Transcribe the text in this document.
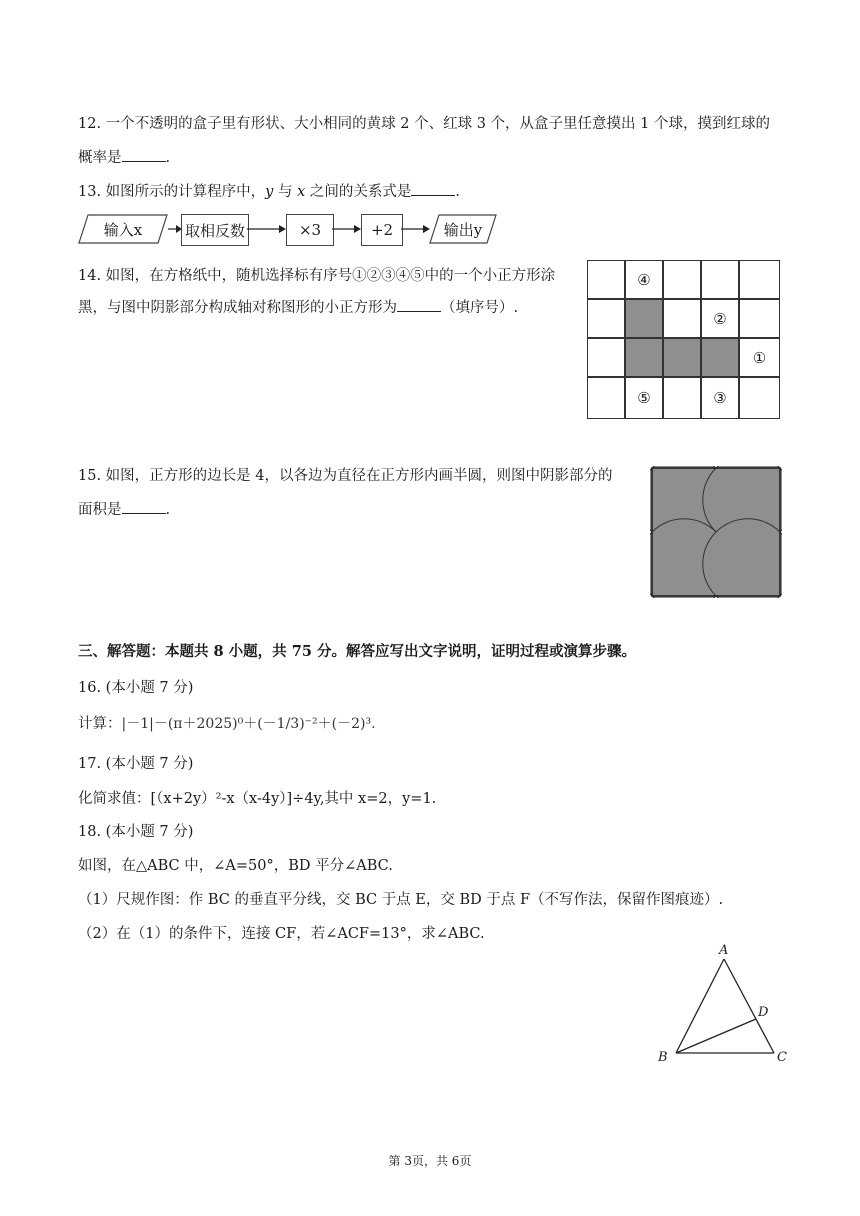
12. 一个不透明的盒子里有形状、大小相同的黄球 2 个、红球 3 个，从盒子里任意摸出 1 个球，摸到红球的
概率是	.
13. 如图所示的计算程序中，y 与 x 之间的关系式是	.
输入x	取相反数	×3	+2	输出y
14. 如图，在方格纸中，随机选择标有序号①②③④⑤中的一个小正方形涂
黑，与图中阴影部分构成轴对称图形的小正方形为	（填序号）.
④
②
①
⑤	③
15. 如图，正方形的边长是 4，以各边为直径在正方形内画半圆，则图中阴影部分的
面积是	.
三、解答题：本题共 8 小题，共 75 分。解答应写出文字说明，证明过程或演算步骤。
16. (本小题 7 分)
计算：|－1|－(π＋2025)⁰＋(－1/3)⁻²＋(－2)³.
17. (本小题 7 分)
化简求值：[（x+2y）²-x（x-4y）]÷4y,其中 x=2，y=1.
18. (本小题 7 分)
如图，在△ABC 中，∠A=50°，BD 平分∠ABC.
（1）尺规作图：作 BC 的垂直平分线，交 BC 于点 E，交 BD 于点 F（不写作法，保留作图痕迹）.
（2）在（1）的条件下，连接 CF，若∠ACF=13°，求∠ABC.
A
B	C
D
第 3页，共 6页
